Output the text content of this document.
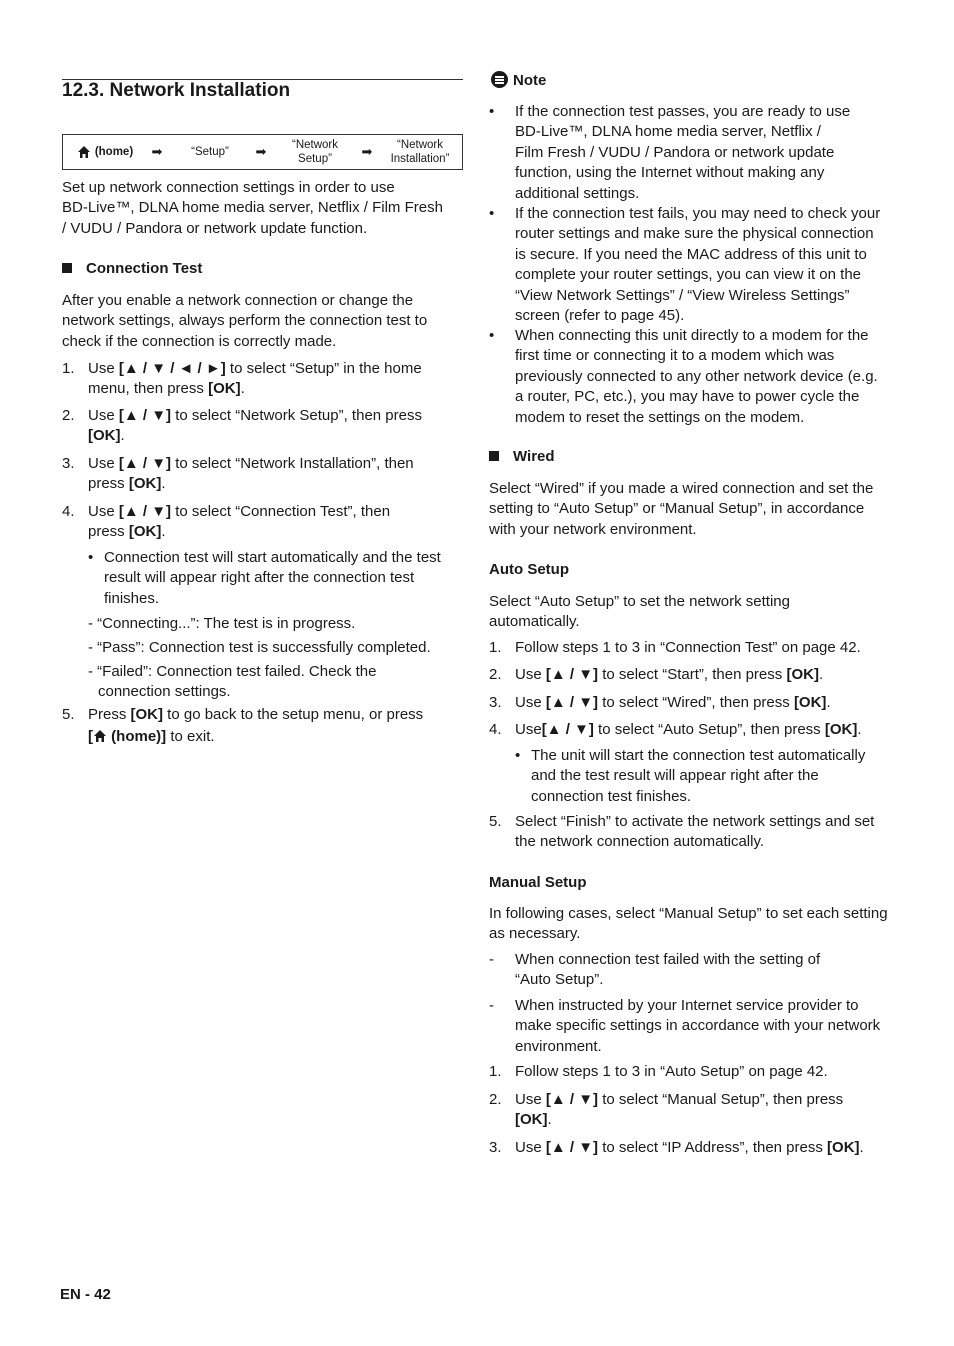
12.3. Network Installation
(home)	➡	“Setup”	➡	“Network
Setup”	➡	“Network
Installation”
Set up network connection settings in order to use
BD-Live™, DLNA home media server, Netflix / Film Fresh
/ VUDU / Pandora or network update function.
Connection Test
After you enable a network connection or change the
network settings, always perform the connection test to
check if the connection is correctly made.
1. Use [▲ / ▼ / ◄ / ►] to select “Setup” in the home
menu, then press [OK].
2. Use [▲ / ▼] to select “Network Setup”, then press
[OK].
3. Use [▲ / ▼] to select “Network Installation”, then
press [OK].
4. Use [▲ / ▼] to select “Connection Test”, then
press [OK].
• Connection test will start automatically and the test
result will appear right after the connection test
finishes.
- “Connecting...”: The test is in progress.
- “Pass”: Connection test is successfully completed.
- “Failed”: Connection test failed. Check the
connection settings.
5. Press [OK] to go back to the setup menu, or press
[ (home)] to exit.
Note
• If the connection test passes, you are ready to use
BD-Live™, DLNA home media server, Netflix /
Film Fresh / VUDU / Pandora or network update
function, using the Internet without making any
additional settings.
• If the connection test fails, you may need to check your
router settings and make sure the physical connection
is secure. If you need the MAC address of this unit to
complete your router settings, you can view it on the
“View Network Settings” / “View Wireless Settings”
screen (refer to page 45).
• When connecting this unit directly to a modem for the
first time or connecting it to a modem which was
previously connected to any other network device (e.g.
a router, PC, etc.), you may have to power cycle the
modem to reset the settings on the modem.
Wired
Select “Wired” if you made a wired connection and set the
setting to “Auto Setup” or “Manual Setup”, in accordance
with your network environment.
Auto Setup
Select “Auto Setup” to set the network setting
automatically.
1. Follow steps 1 to 3 in “Connection Test” on page 42.
2. Use [▲ / ▼] to select “Start”, then press [OK].
3. Use [▲ / ▼] to select “Wired”, then press [OK].
4. Use[▲ / ▼] to select “Auto Setup”, then press [OK].
• The unit will start the connection test automatically
and the test result will appear right after the
connection test finishes.
5. Select “Finish” to activate the network settings and set
the network connection automatically.
Manual Setup
In following cases, select “Manual Setup” to set each setting
as necessary.
- When connection test failed with the setting of
“Auto Setup”.
- When instructed by your Internet service provider to
make specific settings in accordance with your network
environment.
1. Follow steps 1 to 3 in “Auto Setup” on page 42.
2. Use [▲ / ▼] to select “Manual Setup”, then press
[OK].
3. Use [▲ / ▼] to select “IP Address”, then press [OK].
EN - 42
